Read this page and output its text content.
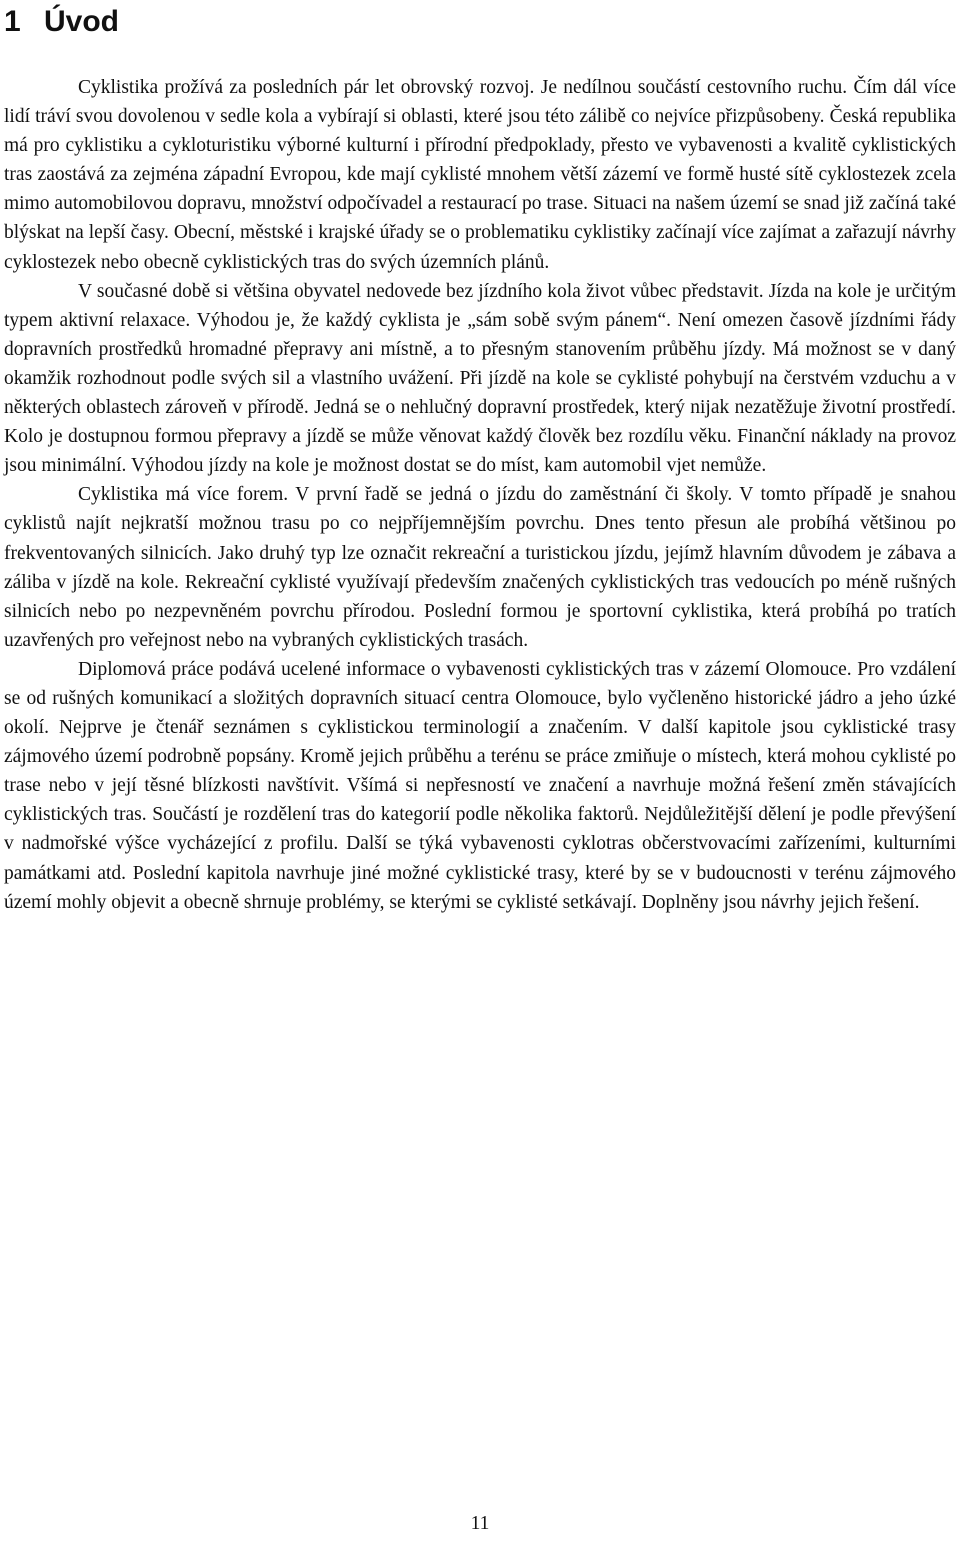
1 Úvod

Cyklistika prožívá za posledních pár let obrovský rozvoj. Je nedílnou součástí cestovního ruchu. Čím dál více lidí tráví svou dovolenou v sedle kola a vybírají si oblasti, které jsou této zálibě co nejvíce přizpůsobeny. Česká republika má pro cyklistiku a cykloturistiku výborné kulturní i přírodní předpoklady, přesto ve vybavenosti a kvalitě cyklistických tras zaostává za zejména západní Evropou, kde mají cyklisté mnohem větší zázemí ve formě husté sítě cyklostezek zcela mimo automobilovou dopravu, množství odpočívadel a restaurací po trase. Situaci na našem území se snad již začíná také blýskat na lepší časy. Obecní, městské i krajské úřady se o problematiku cyklistiky začínají více zajímat a zařazují návrhy cyklostezek nebo obecně cyklistických tras do svých územních plánů.

V současné době si většina obyvatel nedovede bez jízdního kola život vůbec představit. Jízda na kole je určitým typem aktivní relaxace. Výhodou je, že každý cyklista je „sám sobě svým pánem“. Není omezen časově jízdními řády dopravních prostředků hromadné přepravy ani místně, a to přesným stanovením průběhu jízdy. Má možnost se v daný okamžik rozhodnout podle svých sil a vlastního uvážení. Při jízdě na kole se cyklisté pohybují na čerstvém vzduchu a v některých oblastech zároveň v přírodě. Jedná se o nehlučný dopravní prostředek, který nijak nezatěžuje životní prostředí. Kolo je dostupnou formou přepravy a jízdě se může věnovat každý člověk bez rozdílu věku. Finanční náklady na provoz jsou minimální. Výhodou jízdy na kole je možnost dostat se do míst, kam automobil vjet nemůže.

Cyklistika má více forem. V první řadě se jedná o jízdu do zaměstnání či školy. V tomto případě je snahou cyklistů najít nejkratší možnou trasu po co nejpříjemnějším povrchu. Dnes tento přesun ale probíhá většinou po frekventovaných silnicích. Jako druhý typ lze označit rekreační a turistickou jízdu, jejímž hlavním důvodem je zábava a záliba v jízdě na kole. Rekreační cyklisté využívají především značených cyklistických tras vedoucích po méně rušných silnicích nebo po nezpevněném povrchu přírodou. Poslední formou je sportovní cyklistika, která probíhá po tratích uzavřených pro veřejnost nebo na vybraných cyklistických trasách.

Diplomová práce podává ucelené informace o vybavenosti cyklistických tras v zázemí Olomouce. Pro vzdálení se od rušných komunikací a složitých dopravních situací centra Olomouce, bylo vyčleněno historické jádro a jeho úzké okolí. Nejprve je čtenář seznámen s cyklistickou terminologií a značením. V další kapitole jsou cyklistické trasy zájmového území podrobně popsány. Kromě jejich průběhu a terénu se práce zmiňuje o místech, která mohou cyklisté po trase nebo v její těsné blízkosti navštívit. Všímá si nepřesností ve značení a navrhuje možná řešení změn stávajících cyklistických tras. Součástí je rozdělení tras do kategorií podle několika faktorů. Nejdůležitější dělení je podle převýšení v nadmořské výšce vycházející z profilu. Další se týká vybavenosti cyklotras občerstvovacími zařízeními, kulturními památkami atd. Poslední kapitola navrhuje jiné možné cyklistické trasy, které by se v budoucnosti v terénu zájmového území mohly objevit a obecně shrnuje problémy, se kterými se cyklisté setkávají. Doplněny jsou návrhy jejich řešení.

11
